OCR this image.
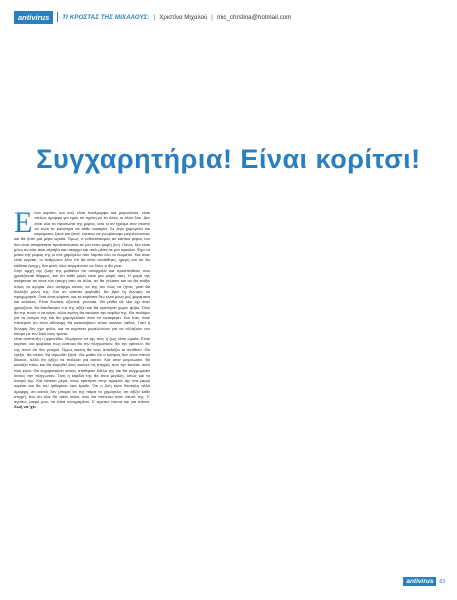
antivirus	ΤΙ ΚΡΟΣΤΑΣ ΤΗΣ ΜΙΧΑΛΟΥΣ: | Χριστίνα Μιχαλού | mic_chrstina@hotmail.com
Συγχαρητήρια! Είναι κορίτσι!

Είναι κορίτσι, και ενώ είναι πανέμορφο και μικρούλικο, είναι απλώς όμορφο για εμάς σε σχέση με τα άλλα, κι άλλο δυο. Δεν είναι όλα τα πρόσωπα της μέρας, όσο κι αν έχουμε σαν σκοπό να είναι τα καλύτερα σε κάθε ευκαιρία. Σε λίγα χαμόγελα και καμώματα, ξανά και ξανά, ώσπου να γνωρίσουμε μεγαλώνοντας και θα ήταν μια μέρα ωραία. Όμως, ο ενθουσιασμός σε κάποιο μέρος του δεν είναι απαραίτητα προστατευτικό σε μια τόσο μικρή ζωή. Πόνοι, δεν είναι μόνο αν κάτι πάει στραβά και υπάρχει και πάλι μέσα σε μια αγκαλιά. Έχει τα μάτια της μαμάς της κι ένα χαμόγελο που λάμπει όλο το δωμάτιο. Και όταν είναι κορίτσι, οι άνθρωποι λένε ότι θα είναι ευαίσθητη, ήρεμη και ότι θα κάθεται ήσυχη. Και μετά, όλοι περιμένουν να δουν τι θα γίνει.

Στην αρχή της ζωής της μαθαίνει ότι υπάρχουν και προσπάθειες που χρειάζονται θάρρος, και ότι κάθε μέρα είναι μια μικρή νίκη. Η μαμά της σκέφτεται αν είναι πιο ήσυχη από τα άλλα, αν θα γελάσει και αν θα παίξει όπως τα αγόρια. Δεν υπάρχει κανείς να της πει πώς να ζήσει, γιατί θα διαλέξει μόνη της. Και αν κάποτε φοβηθεί, θα βρει τη δύναμη να προχωρήσει. Γιατί είναι κορίτσι, και τα κορίτσια δεν είναι μόνο ροζ φορέματα και κούκλες. Είναι δυνατά, έξυπνα, γενναία. Θα μάθει να λέει όχι όταν χρειάζεται, θα διεκδικήσει ό,τι της αξίζει και θα αγαπήσει χωρίς φόβο. Όλοι θα της πουν τι να κάνει, αλλά εκείνη θα ακούσει την καρδιά της. Θα παλέψει για τα όνειρά της και θα χαμογελάσει όταν τα καταφέρει. Και τότε, όσοι πίστεψαν ότι είναι αδύναμη θα καταλάβουν πόσο έκαναν λάθος. Γιατί η δύναμη δεν έχει φύλο, και τα κορίτσια μεγαλώνουν για να αλλάξουν τον κόσμο με τον δικό τους τρόπο.

είναι ανάπτυξη η φροντίδα. Θυμήσου να της πεις η ζωή είναι ωραία. Είναι κορίτσι, και φοβάσαι πως κάποιοι θα την πληγώσουν, θα την κρίνουν, θα της πουν ότι δεν μπορεί. Όμως εκείνη θα τους αποδείξει το αντίθετο. Θα τρέξει, θα πέσει, θα σηκωθεί ξανά. Θα μάθει ότι ο κόσμος δεν είναι πάντα δίκαιος, αλλά ότι αξίζει να παλεύει για αυτόν. Και όταν μεγαλώσει, θα κοιτάξει πίσω και θα θυμηθεί όλες εκείνες τις στιγμές που την έκαναν αυτό που είναι. Θα ευχαριστήσει όσους στάθηκαν δίπλα της και θα συγχωρέσει όσους την πλήγωσαν. Γιατί η καρδιά της θα είναι μεγάλη, όπως και τα όνειρά της. Και κάποια μέρα, ίσως κρατήσει στην αγκαλιά της ένα μικρό κορίτσι και θα του ψιθυρίσει όσα έμαθε. Ότι η ζωή είναι δύσκολη αλλά όμορφη, ότι κανείς δεν μπορεί να της πάρει το χαμόγελο, ότι αξίζει κάθε στιγμή. Και ότι όλα θα πάνε καλά, όσο θα πιστεύει στον εαυτό της. Σ' αγαπώ, μικρό μου, να είσαι ευτυχισμένο. Σ' αγαπώ πάντα και για πάντα. Ζωή να 'χει

antivirus	63
